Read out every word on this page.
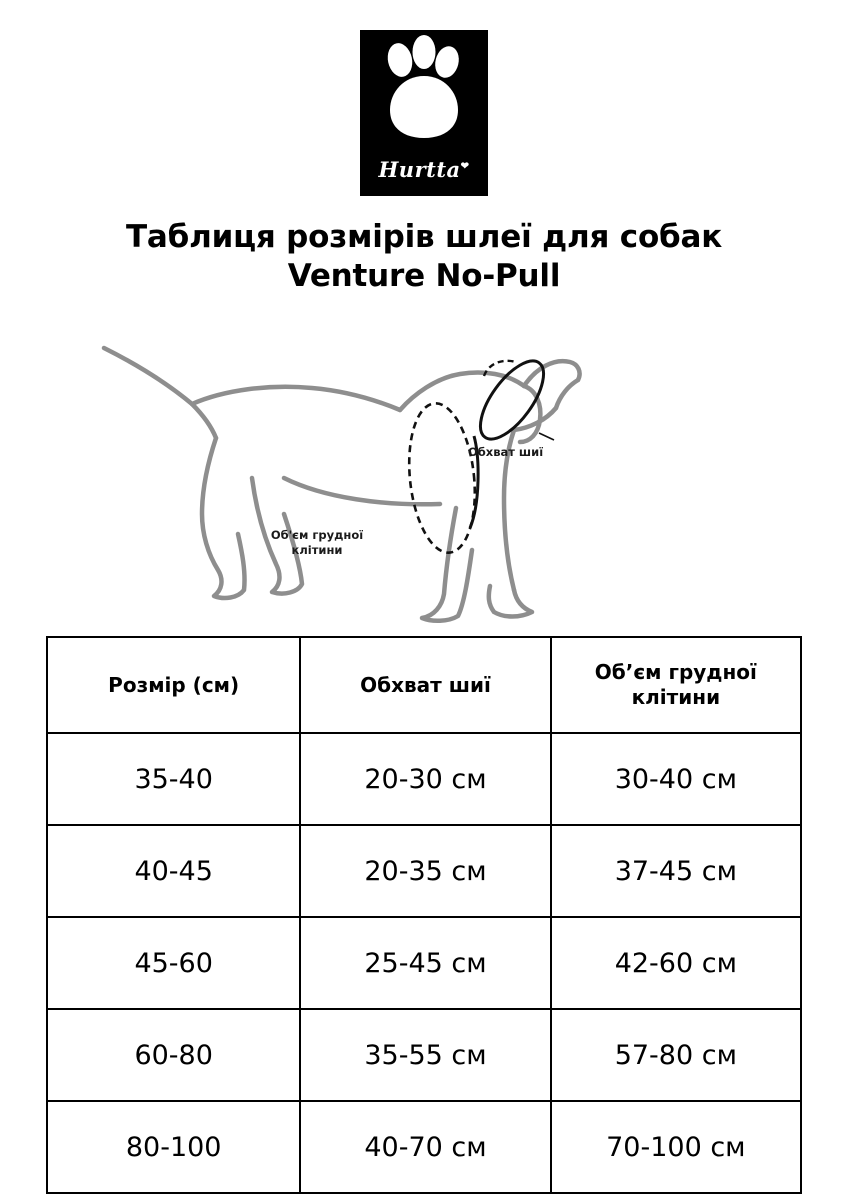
Hurtta❤
Таблиця розмірів шлеї для собак
Venture No-Pull
Обхват шиї
Об'єм грудної
клітини
Розмір (см)	Обхват шиї	Об’єм грудної клітини
35-40	20-30 см	30-40 см
40-45	20-35 см	37-45 см
45-60	25-45 см	42-60 см
60-80	35-55 см	57-80 см
80-100	40-70 см	70-100 см
